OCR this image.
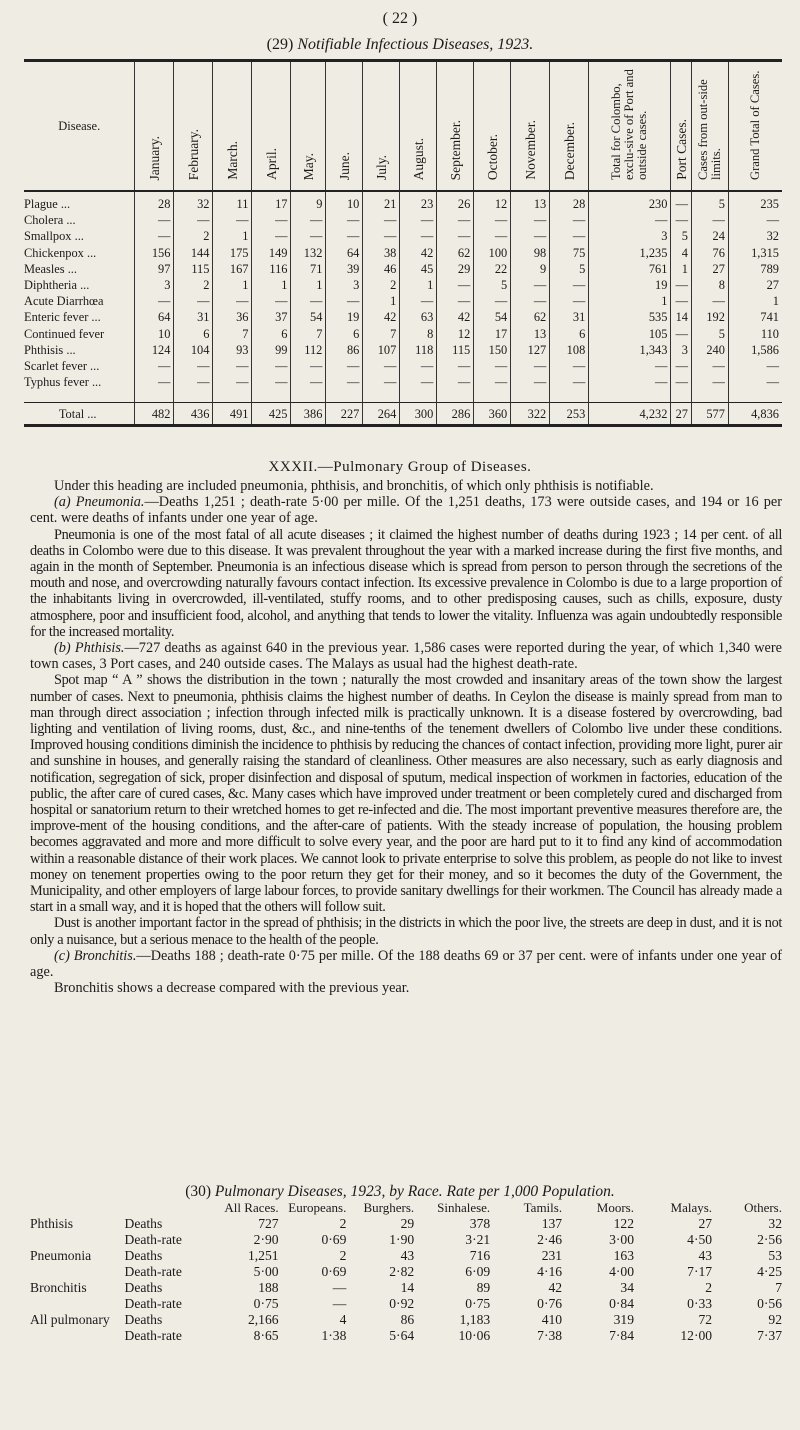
( 22 )
(29) Notifiable Infectious Diseases, 1923.
Disease.	January.	February.	March.	April.	May.	June.	July.	August.	September.	October.	November.	December.	Total for Colombo, exclu-sive of Port and outside cases.	Port Cases.	Cases from out-side limits.	Grand Total of Cases.
Plague ...	28	32	11	17	9	10	21	23	26	12	13	28	230	—	5	235
Cholera ...	—	—	—	—	—	—	—	—	—	—	—	—	—	—	—	—
Smallpox ...	—	2	1	—	—	—	—	—	—	—	—	—	3	5	24	32
Chickenpox ...	156	144	175	149	132	64	38	42	62	100	98	75	1,235	4	76	1,315
Measles ...	97	115	167	116	71	39	46	45	29	22	9	5	761	1	27	789
Diphtheria ...	3	2	1	1	1	3	2	1	—	5	—	—	19	—	8	27
Acute Diarrhœa	—	—	—	—	—	—	1	—	—	—	—	—	1	—	—	1
Enteric fever ...	64	31	36	37	54	19	42	63	42	54	62	31	535	14	192	741
Continued fever	10	6	7	6	7	6	7	8	12	17	13	6	105	—	5	110
Phthisis ...	124	104	93	99	112	86	107	118	115	150	127	108	1,343	3	240	1,586
Scarlet fever ...	—	—	—	—	—	—	—	—	—	—	—	—	—	—	—	—
Typhus fever ...	—	—	—	—	—	—	—	—	—	—	—	—	—	—	—	—

Total ...	482	436	491	425	386	227	264	300	286	360	322	253	4,232	27	577	4,836
XXXII.—Pulmonary Group of Diseases.

Under this heading are included pneumonia, phthisis, and bronchitis, of which only phthisis is notifiable.

(a) Pneumonia.—Deaths 1,251 ; death-rate 5·00 per mille. Of the 1,251 deaths, 173 were outside cases, and 194 or 16 per cent. were deaths of infants under one year of age.

Pneumonia is one of the most fatal of all acute diseases ; it claimed the highest number of deaths during 1923 ; 14 per cent. of all deaths in Colombo were due to this disease. It was prevalent throughout the year with a marked increase during the first five months, and again in the month of September. Pneumonia is an infectious disease which is spread from person to person through the secretions of the mouth and nose, and overcrowding naturally favours contact infection. Its excessive prevalence in Colombo is due to a large proportion of the inhabitants living in overcrowded, ill-ventilated, stuffy rooms, and to other predisposing causes, such as chills, exposure, dusty atmosphere, poor and insufficient food, alcohol, and anything that tends to lower the vitality. Influenza was again undoubtedly responsible for the increased mortality.

(b) Phthisis.—727 deaths as against 640 in the previous year. 1,586 cases were reported during the year, of which 1,340 were town cases, 3 Port cases, and 240 outside cases. The Malays as usual had the highest death-rate.

Spot map “ A ” shows the distribution in the town ; naturally the most crowded and insanitary areas of the town show the largest number of cases. Next to pneumonia, phthisis claims the highest number of deaths. In Ceylon the disease is mainly spread from man to man through direct association ; infection through infected milk is practically unknown. It is a disease fostered by overcrowding, bad lighting and ventilation of living rooms, dust, &c., and nine-tenths of the tenement dwellers of Colombo live under these conditions. Improved housing conditions diminish the incidence to phthisis by reducing the chances of contact infection, providing more light, purer air and sunshine in houses, and generally raising the standard of cleanliness. Other measures are also necessary, such as early diagnosis and notification, segregation of sick, proper disinfection and disposal of sputum, medical inspection of workmen in factories, education of the public, the after care of cured cases, &c. Many cases which have improved under treatment or been completely cured and discharged from hospital or sanatorium return to their wretched homes to get re-infected and die. The most important preventive measures therefore are, the improve-ment of the housing conditions, and the after-care of patients. With the steady increase of population, the housing problem becomes aggravated and more and more difficult to solve every year, and the poor are hard put to it to find any kind of accommodation within a reasonable distance of their work places. We cannot look to private enterprise to solve this problem, as people do not like to invest money on tenement properties owing to the poor return they get for their money, and so it becomes the duty of the Government, the Municipality, and other employers of large labour forces, to provide sanitary dwellings for their workmen. The Council has already made a start in a small way, and it is hoped that the others will follow suit.

Dust is another important factor in the spread of phthisis; in the districts in which the poor live, the streets are deep in dust, and it is not only a nuisance, but a serious menace to the health of the people.

(c) Bronchitis.—Deaths 188 ; death-rate 0·75 per mille. Of the 188 deaths 69 or 37 per cent. were of infants under one year of age.

Bronchitis shows a decrease compared with the previous year.

(30) Pulmonary Diseases, 1923, by Race. Rate per 1,000 Population.
		All Races.	Europeans.	Burghers.	Sinhalese.	Tamils.	Moors.	Malays.	Others.
Phthisis	Deaths	727	2	29	378	137	122	27	32
	Death-rate	2·90	0·69	1·90	3·21	2·46	3·00	4·50	2·56
Pneumonia	Deaths	1,251	2	43	716	231	163	43	53
	Death-rate	5·00	0·69	2·82	6·09	4·16	4·00	7·17	4·25
Bronchitis	Deaths	188	—	14	89	42	34	2	7
	Death-rate	0·75	—	0·92	0·75	0·76	0·84	0·33	0·56
All pulmonary	Deaths	2,166	4	86	1,183	410	319	72	92
	Death-rate	8·65	1·38	5·64	10·06	7·38	7·84	12·00	7·37
